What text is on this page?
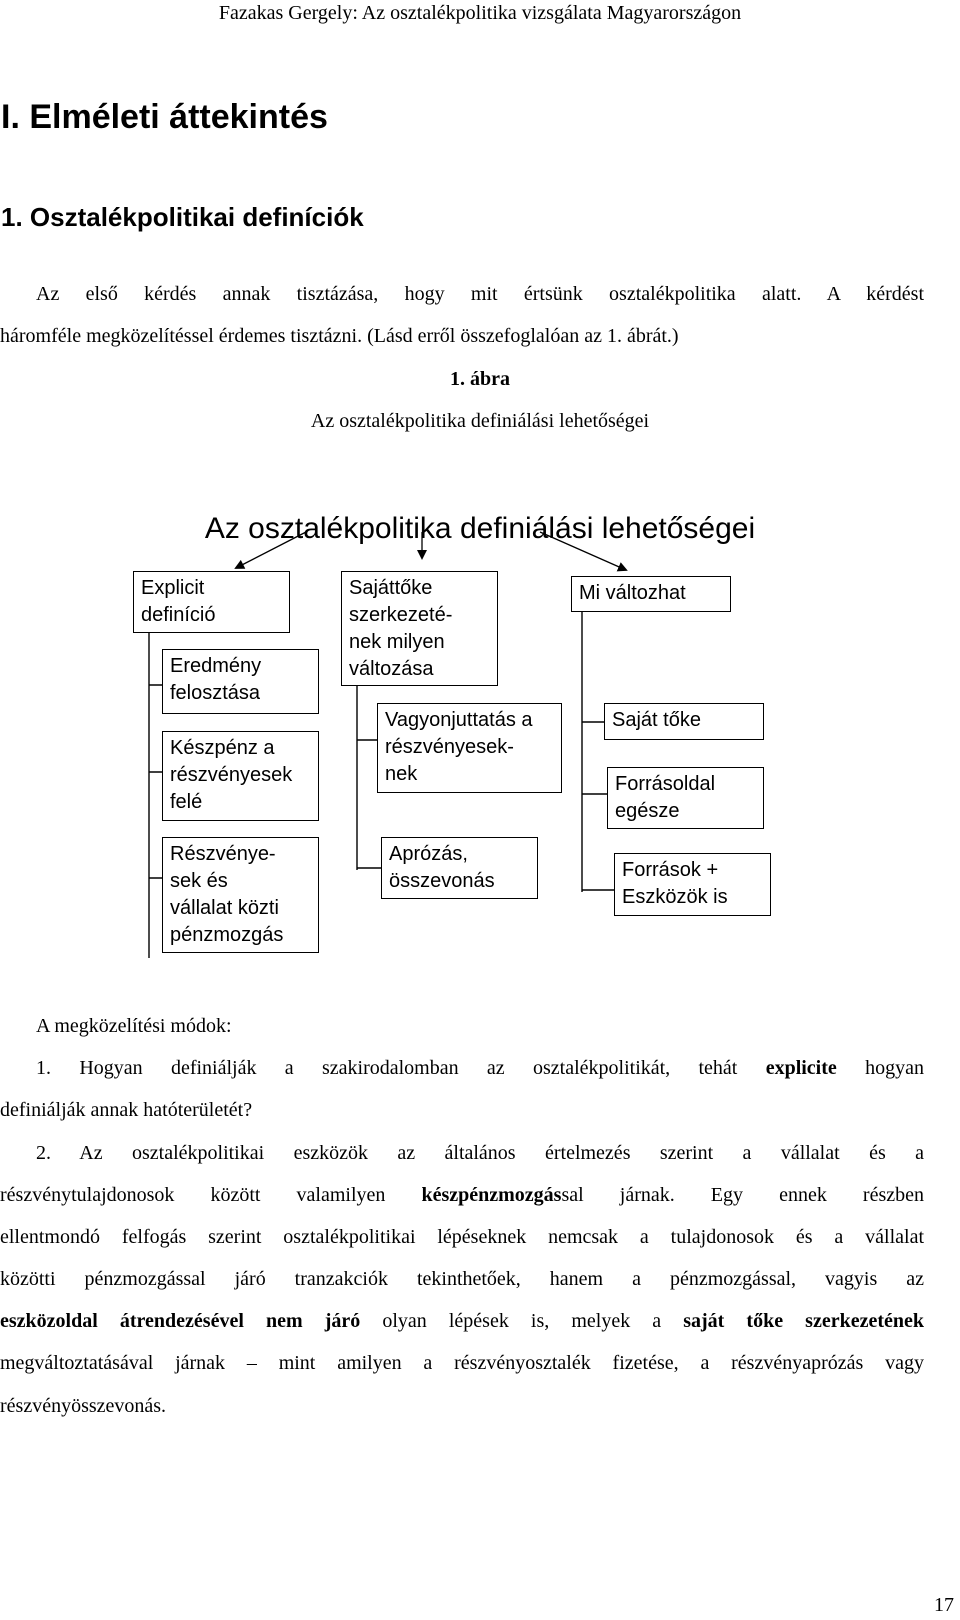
Fazakas Gergely: Az osztalékpolitika vizsgálata Magyarországon
I. Elméleti áttekintés
1. Osztalékpolitikai definíciók
Az első kérdés annak tisztázása, hogy mit értsünk osztalékpolitika alatt. A kérdést
háromféle megközelítéssel érdemes tisztázni. (Lásd erről összefoglalóan az 1. ábrát.)
1. ábra
Az osztalékpolitika definiálási lehetőségei
Az osztalékpolitika definiálási lehetőségei
Explicit
definíció
Eredmény
felosztása
Készpénz a
részvényesek
felé
Részvénye-
sek és
vállalat közti
pénzmozgás
Sajáttőke
szerkezeté-
nek milyen
változása
Vagyonjuttatás a
részvényesek-
nek
Aprózás,
összevonás
Mi változhat
Saját tőke
Forrásoldal
egésze
Források +
Eszközök is
A megközelítési módok:
1. Hogyan definiálják a szakirodalomban az osztalékpolitikát, tehát explicite hogyan
definiálják annak hatóterületét?
2. Az osztalékpolitikai eszközök az általános értelmezés szerint a vállalat és a
részvénytulajdonosok között valamilyen készpénzmozgással járnak. Egy ennek részben
ellentmondó felfogás szerint osztalékpolitikai lépéseknek nemcsak a tulajdonosok és a vállalat
közötti pénzmozgással járó tranzakciók tekinthetőek, hanem a pénzmozgással, vagyis az
eszközoldal átrendezésével nem járó olyan lépések is, melyek a saját tőke szerkezetének
megváltoztatásával járnak – mint amilyen a részvényosztalék fizetése, a részvényaprózás vagy
részvényösszevonás.
17
